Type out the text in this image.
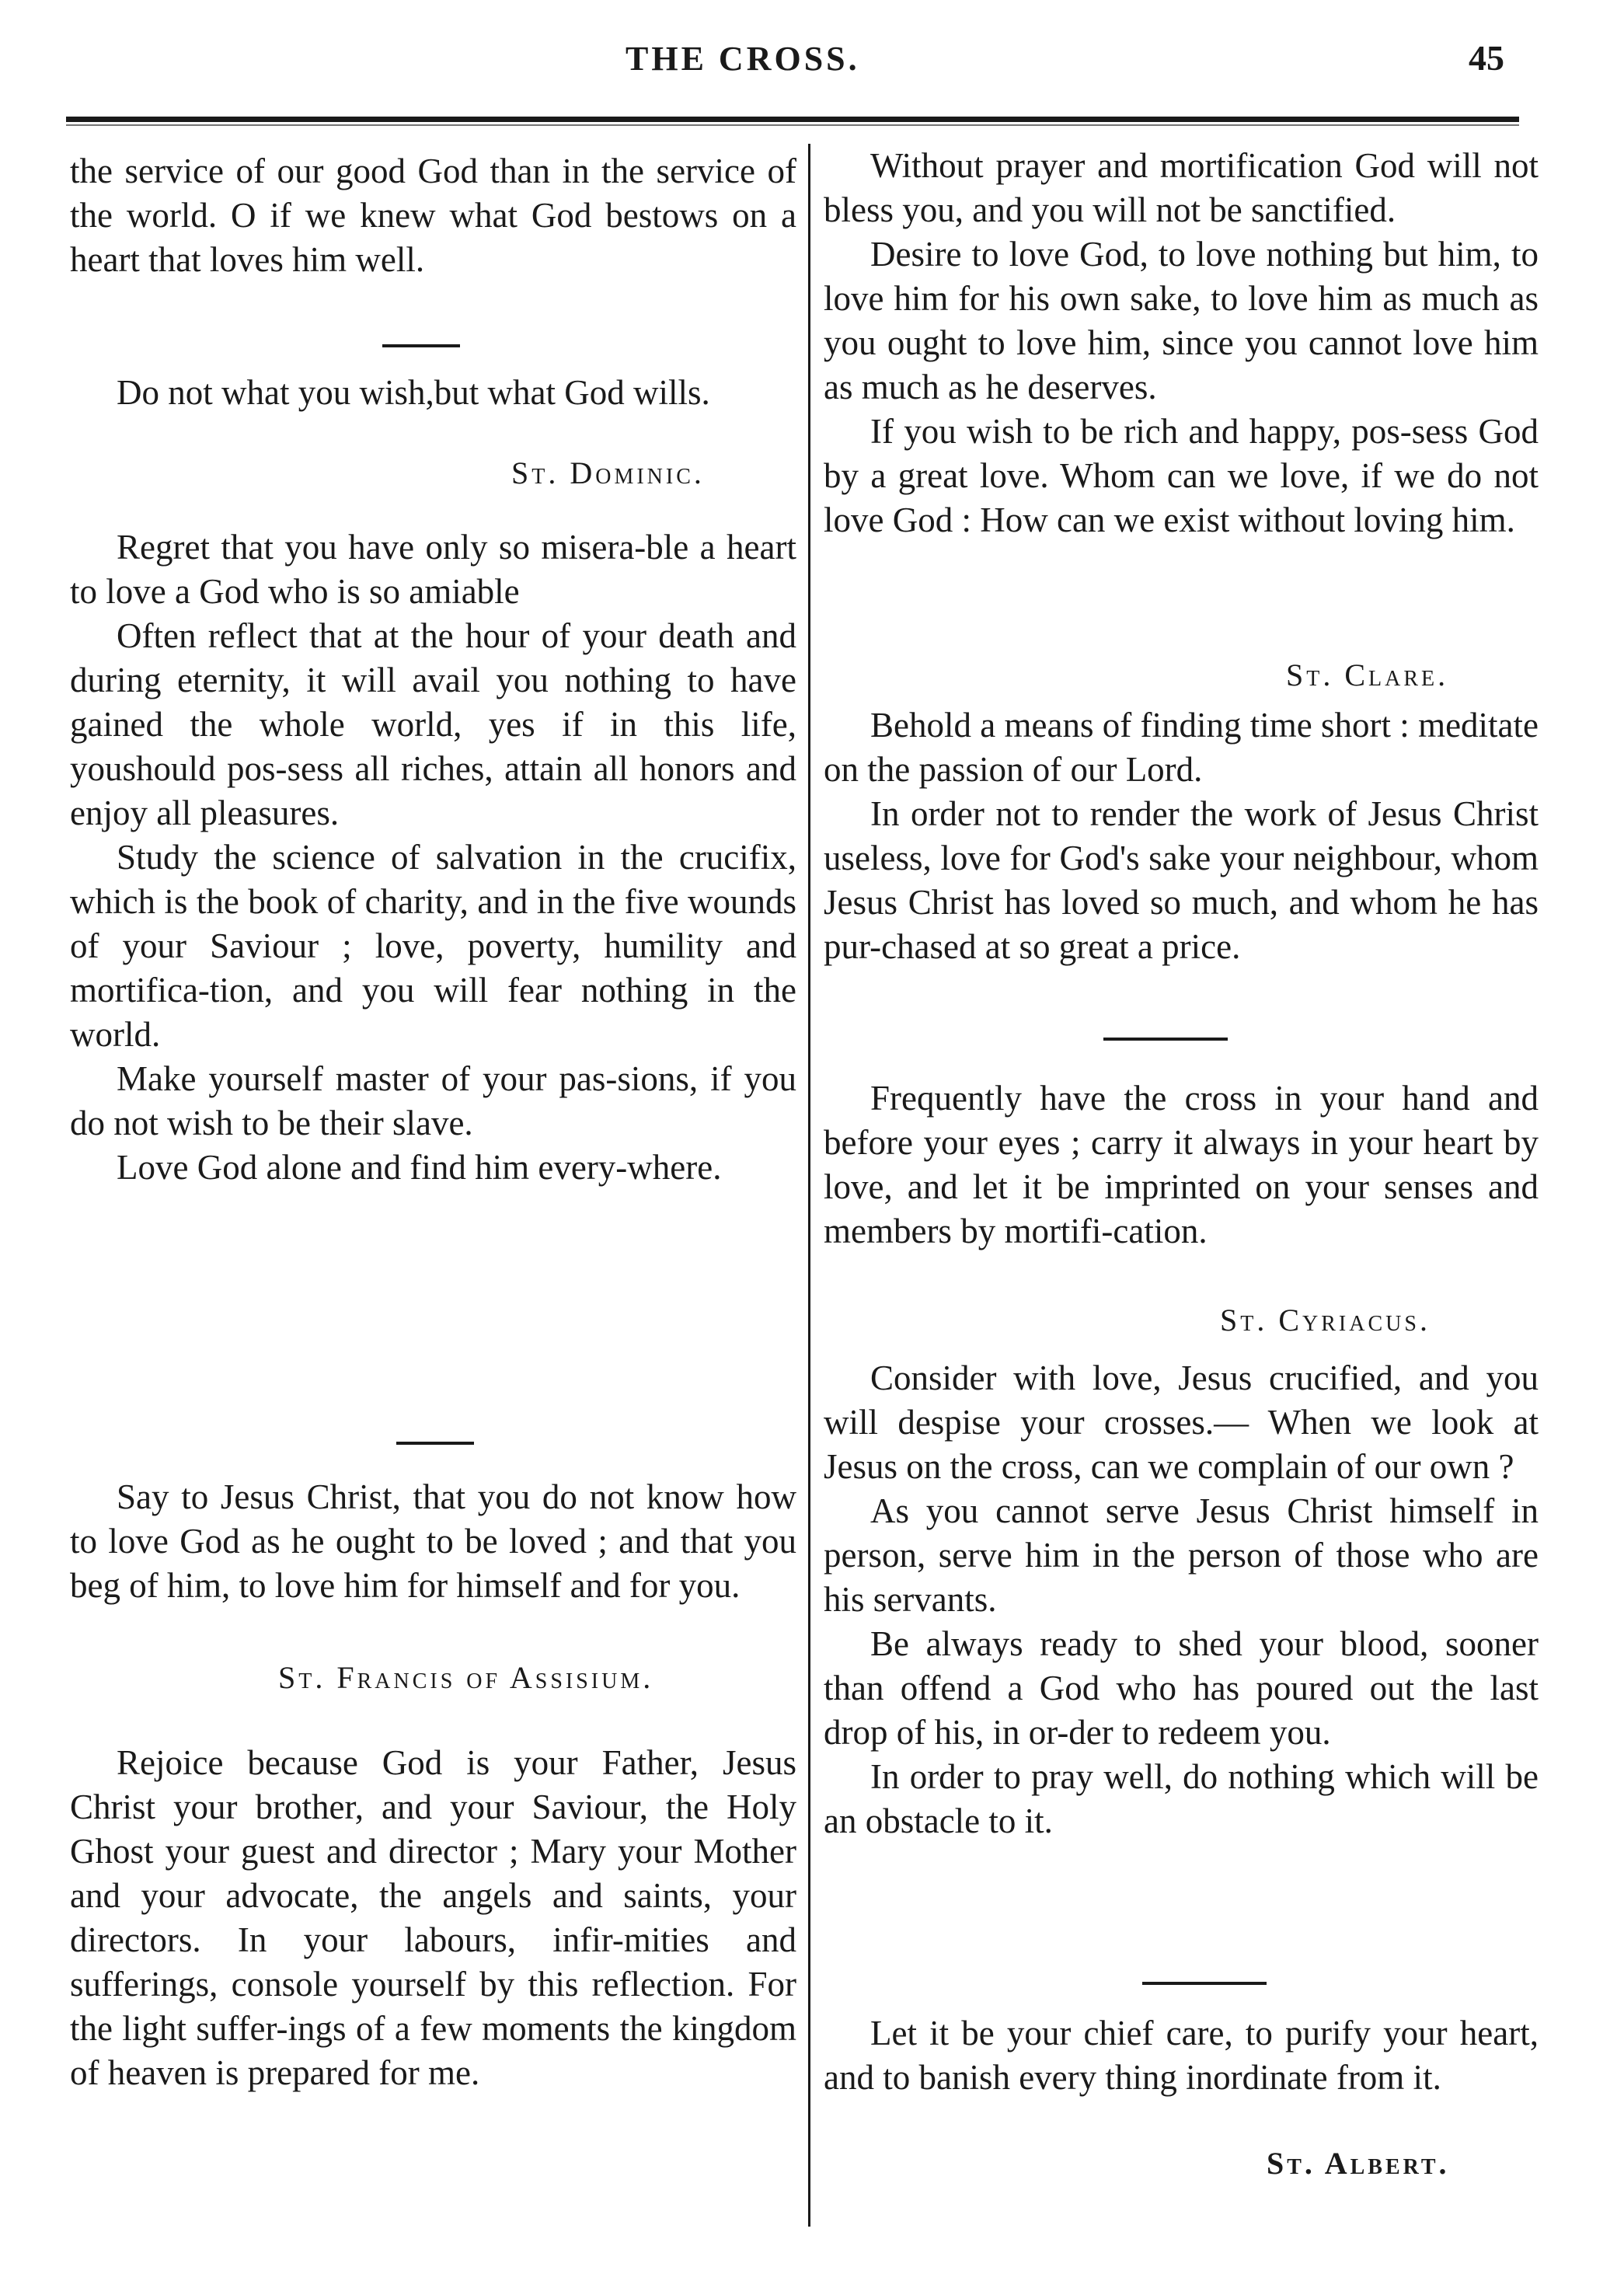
THE CROSS.	45

the service of our good God than in the service of the world. O if we knew what God bestows on a heart that loves him well.

Do not what you wish,but what God wills.

St. Dominic.

Regret that you have only so misera-ble a heart to love a God who is so amiable

Often reflect that at the hour of your death and during eternity, it will avail you nothing to have gained the whole world, yes if in this life, youshould pos-sess all riches, attain all honors and enjoy all pleasures.

Study the science of salvation in the crucifix, which is the book of charity, and in the five wounds of your Saviour ; love, poverty, humility and mortifica-tion, and you will fear nothing in the world.

Make yourself master of your pas-sions, if you do not wish to be their slave.

Love God alone and find him every-where.

Say to Jesus Christ, that you do not know how to love God as he ought to be loved ; and that you beg of him, to love him for himself and for you.

St. Francis of Assisium.

Rejoice because God is your Father, Jesus Christ your brother, and your Saviour, the Holy Ghost your guest and director ; Mary your Mother and your advocate, the angels and saints, your directors. In your labours, infir-mities and sufferings, console yourself by this reflection. For the light suffer-ings of a few moments the kingdom of heaven is prepared for me.

Without prayer and mortification God will not bless you, and you will not be sanctified.

Desire to love God, to love nothing but him, to love him for his own sake, to love him as much as you ought to love him, since you cannot love him as much as he deserves.

If you wish to be rich and happy, pos-sess God by a great love. Whom can we love, if we do not love God : How can we exist without loving him.

St. Clare.

Behold a means of finding time short : meditate on the passion of our Lord.

In order not to render the work of Jesus Christ useless, love for God's sake your neighbour, whom Jesus Christ has loved so much, and whom he has pur-chased at so great a price.

Frequently have the cross in your hand and before your eyes ; carry it always in your heart by love, and let it be imprinted on your senses and members by mortifi-cation.

St. Cyriacus.

Consider with love, Jesus crucified, and you will despise your crosses.— When we look at Jesus on the cross, can we complain of our own ?

As you cannot serve Jesus Christ himself in person, serve him in the person of those who are his servants.

Be always ready to shed your blood, sooner than offend a God who has poured out the last drop of his, in or-der to redeem you.

In order to pray well, do nothing which will be an obstacle to it.

Let it be your chief care, to purify your heart, and to banish every thing inordinate from it.

St. Albert.
